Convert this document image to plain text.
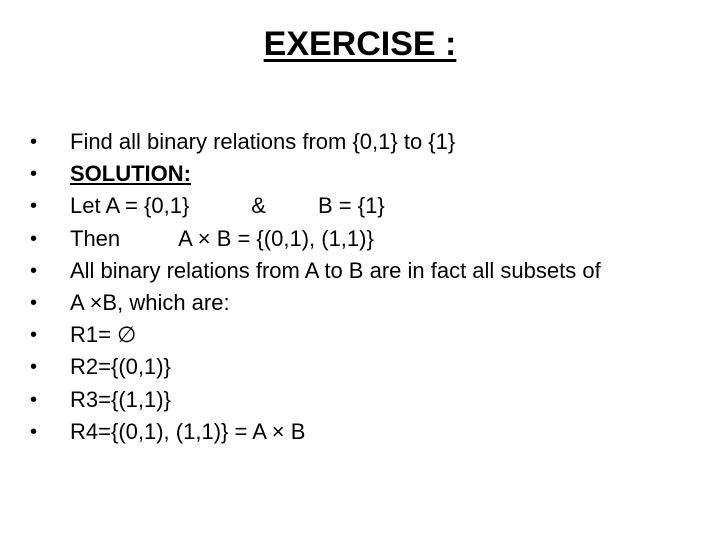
EXERCISE :
• Find all binary relations from {0,1} to {1}
• SOLUTION:
• Let A = {0,1}	& B = {1}
• Then	A × B = {(0,1), (1,1)}
• All binary relations from A to B are in fact all subsets of
• A ×B, which are:
• R1= ∅
• R2={(0,1)}
• R3={(1,1)}
• R4={(0,1), (1,1)} = A × B
